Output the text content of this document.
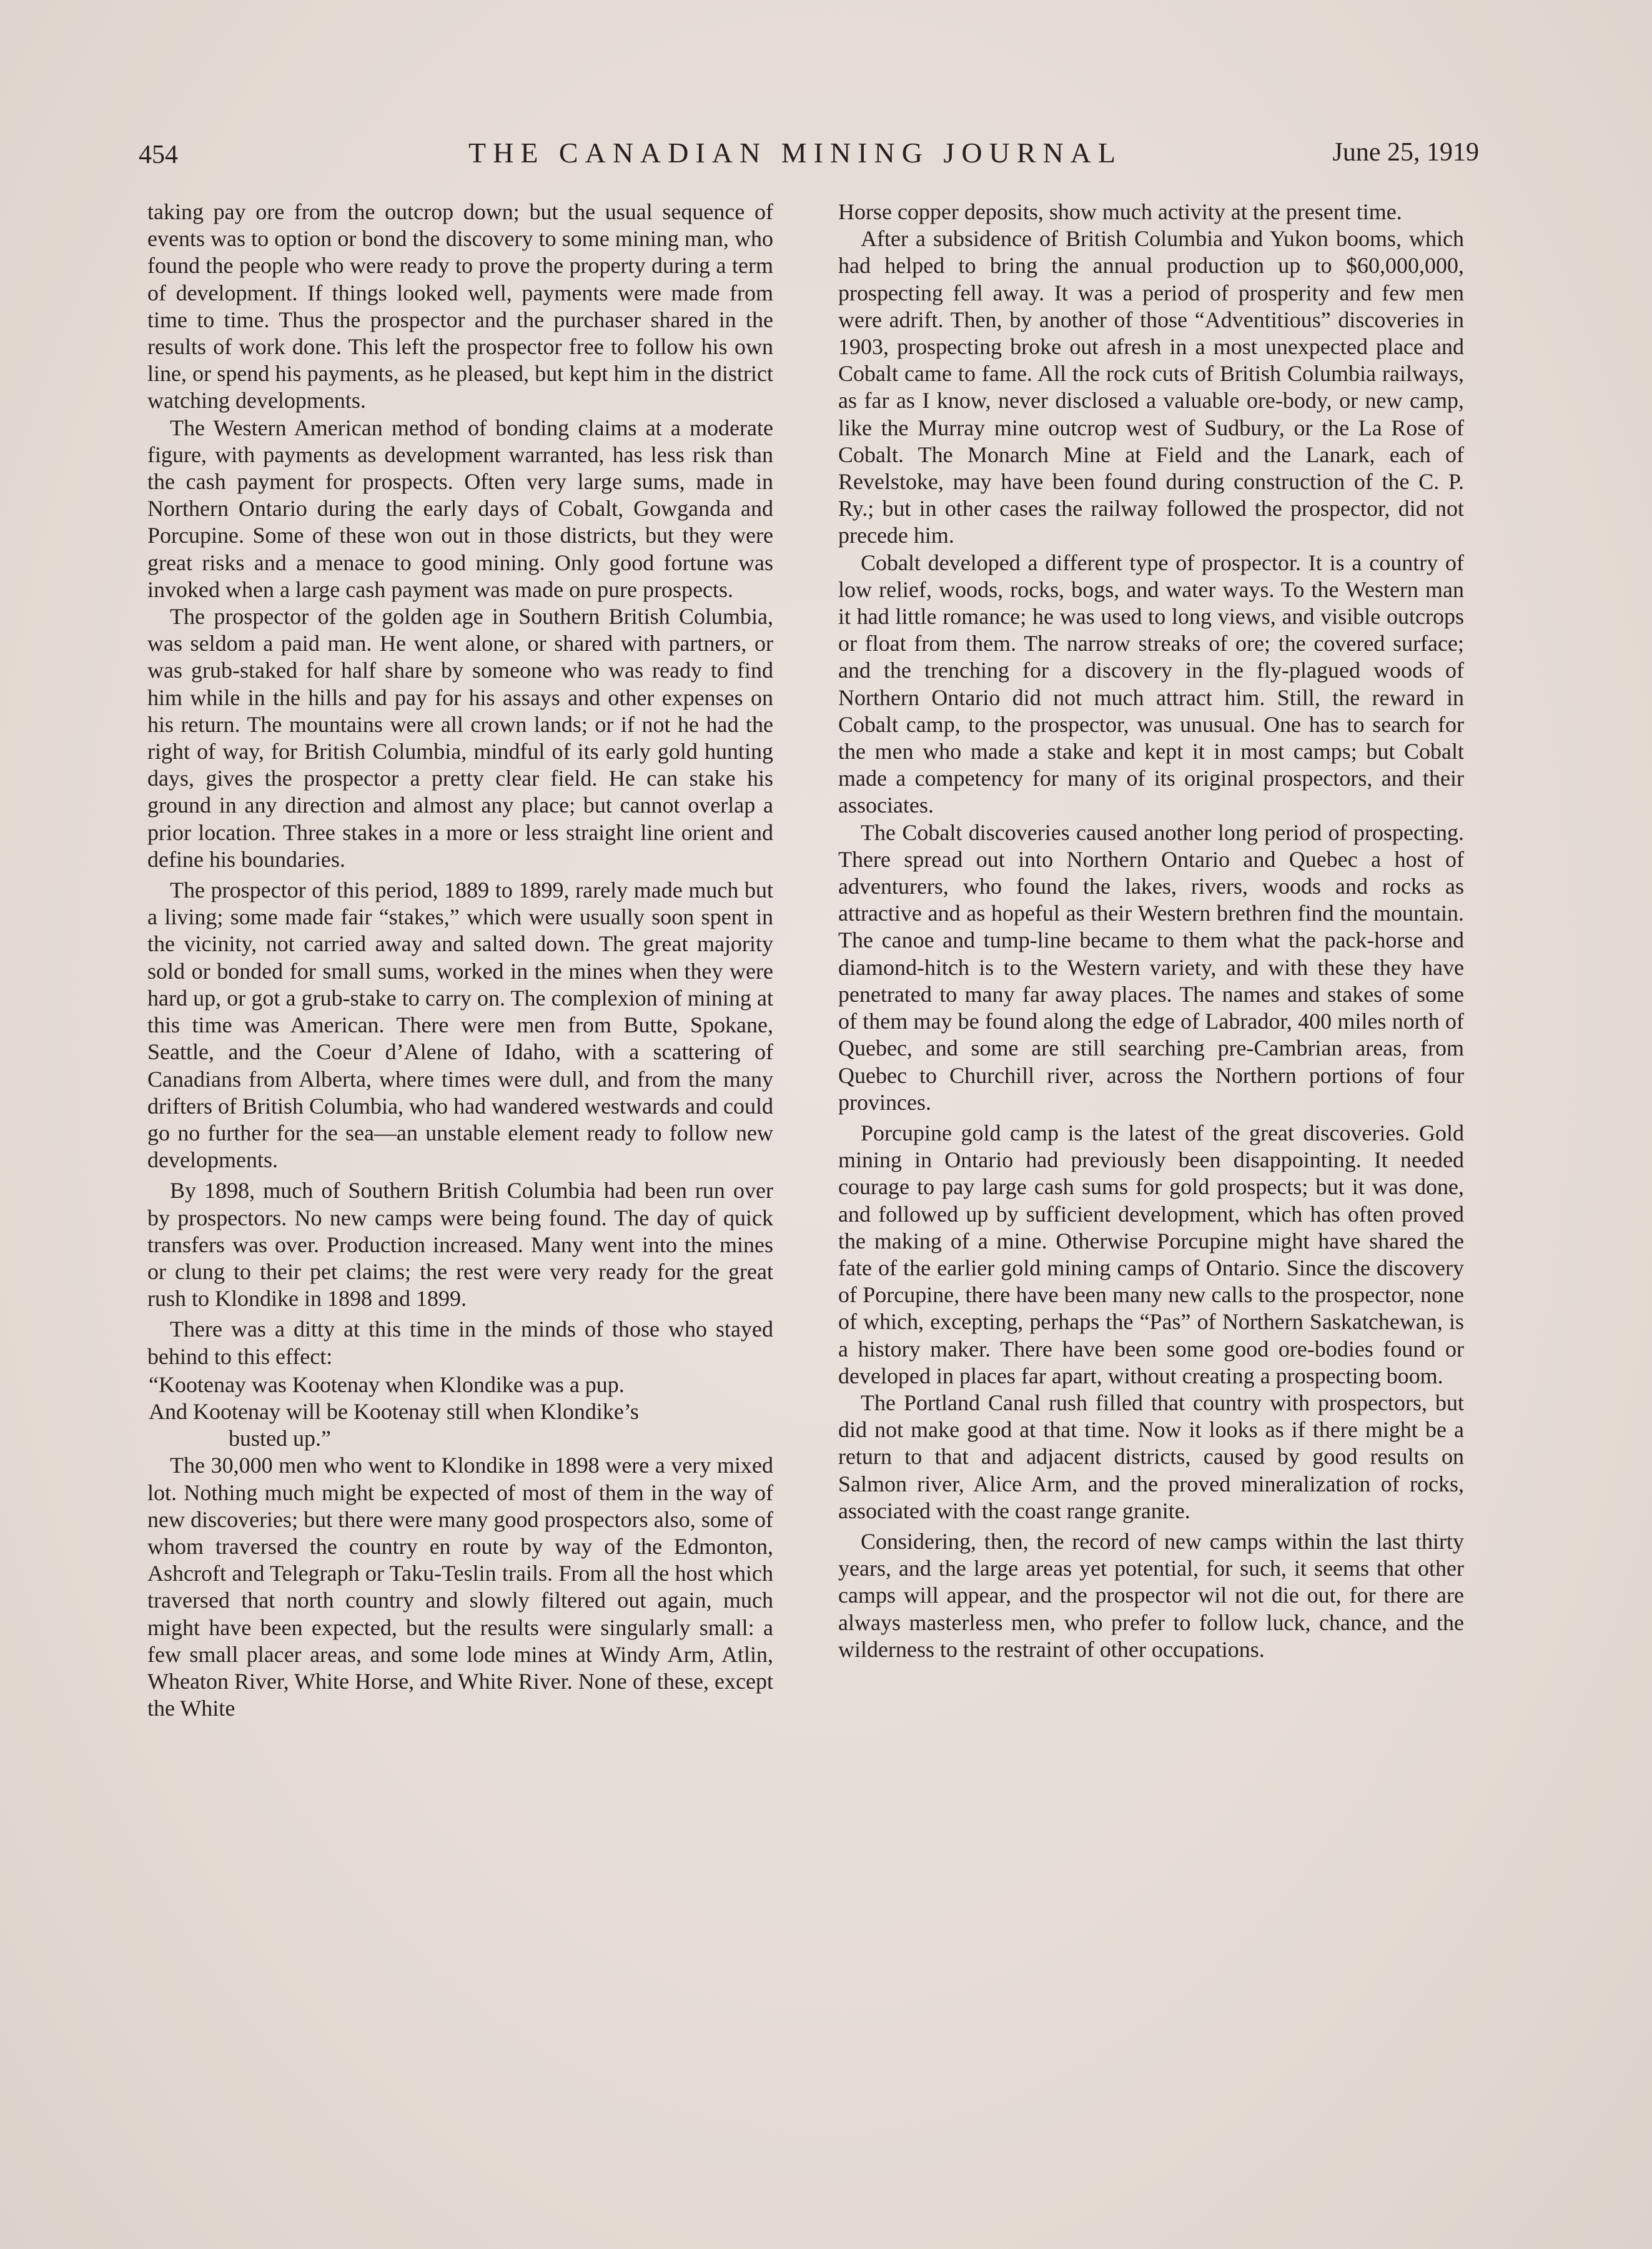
454	THE CANADIAN MINING JOURNAL	June 25, 1919

taking pay ore from the outcrop down; but the usual sequence of events was to option or bond the discovery to some mining man, who found the people who were ready to prove the property during a term of development. If things looked well, payments were made from time to time. Thus the prospector and the purchaser shared in the results of work done. This left the prospector free to follow his own line, or spend his payments, as he pleased, but kept him in the district watching developments.

The Western American method of bonding claims at a moderate figure, with payments as development warranted, has less risk than the cash payment for prospects. Often very large sums, made in Northern Ontario during the early days of Cobalt, Gowganda and Porcupine. Some of these won out in those districts, but they were great risks and a menace to good mining. Only good fortune was invoked when a large cash payment was made on pure prospects.

The prospector of the golden age in Southern British Columbia, was seldom a paid man. He went alone, or shared with partners, or was grub-staked for half share by someone who was ready to find him while in the hills and pay for his assays and other expenses on his return. The mountains were all crown lands; or if not he had the right of way, for British Columbia, mindful of its early gold hunting days, gives the prospector a pretty clear field. He can stake his ground in any direction and almost any place; but cannot overlap a prior location. Three stakes in a more or less straight line orient and define his boundaries.

The prospector of this period, 1889 to 1899, rarely made much but a living; some made fair “stakes,” which were usually soon spent in the vicinity, not carried away and salted down. The great majority sold or bonded for small sums, worked in the mines when they were hard up, or got a grub-stake to carry on. The complexion of mining at this time was American. There were men from Butte, Spokane, Seattle, and the Coeur d’Alene of Idaho, with a scattering of Canadians from Alberta, where times were dull, and from the many drifters of British Columbia, who had wandered westwards and could go no further for the sea—an unstable element ready to follow new developments.

By 1898, much of Southern British Columbia had been run over by prospectors. No new camps were being found. The day of quick transfers was over. Production increased. Many went into the mines or clung to their pet claims; the rest were very ready for the great rush to Klondike in 1898 and 1899.

There was a ditty at this time in the minds of those who stayed behind to this effect:

“Kootenay was Kootenay when Klondike was a pup.
And Kootenay will be Kootenay still when Klondike’s
busted up.”

The 30,000 men who went to Klondike in 1898 were a very mixed lot. Nothing much might be expected of most of them in the way of new discoveries; but there were many good prospectors also, some of whom traversed the country en route by way of the Edmonton, Ashcroft and Telegraph or Taku-Teslin trails. From all the host which traversed that north country and slowly filtered out again, much might have been expected, but the results were singularly small: a few small placer areas, and some lode mines at Windy Arm, Atlin, Wheaton River, White Horse, and White River. None of these, except the White

Horse copper deposits, show much activity at the present time.

After a subsidence of British Columbia and Yukon booms, which had helped to bring the annual production up to $60,000,000, prospecting fell away. It was a period of prosperity and few men were adrift. Then, by another of those “Adventitious” discoveries in 1903, prospecting broke out afresh in a most unexpected place and Cobalt came to fame. All the rock cuts of British Columbia railways, as far as I know, never disclosed a valuable ore-body, or new camp, like the Murray mine outcrop west of Sudbury, or the La Rose of Cobalt. The Monarch Mine at Field and the Lanark, each of Revelstoke, may have been found during construction of the C. P. Ry.; but in other cases the railway followed the prospector, did not precede him.

Cobalt developed a different type of prospector. It is a country of low relief, woods, rocks, bogs, and water ways. To the Western man it had little romance; he was used to long views, and visible outcrops or float from them. The narrow streaks of ore; the covered surface; and the trenching for a discovery in the fly-plagued woods of Northern Ontario did not much attract him. Still, the reward in Cobalt camp, to the prospector, was unusual. One has to search for the men who made a stake and kept it in most camps; but Cobalt made a competency for many of its original prospectors, and their associates.

The Cobalt discoveries caused another long period of prospecting. There spread out into Northern Ontario and Quebec a host of adventurers, who found the lakes, rivers, woods and rocks as attractive and as hopeful as their Western brethren find the mountain. The canoe and tump-line became to them what the pack-horse and diamond-hitch is to the Western variety, and with these they have penetrated to many far away places. The names and stakes of some of them may be found along the edge of Labrador, 400 miles north of Quebec, and some are still searching pre-Cambrian areas, from Quebec to Churchill river, across the Northern portions of four provinces.

Porcupine gold camp is the latest of the great discoveries. Gold mining in Ontario had previously been disappointing. It needed courage to pay large cash sums for gold prospects; but it was done, and followed up by sufficient development, which has often proved the making of a mine. Otherwise Porcupine might have shared the fate of the earlier gold mining camps of Ontario. Since the discovery of Porcupine, there have been many new calls to the prospector, none of which, excepting, perhaps the “Pas” of Northern Saskatchewan, is a history maker. There have been some good ore-bodies found or developed in places far apart, without creating a prospecting boom.

The Portland Canal rush filled that country with prospectors, but did not make good at that time. Now it looks as if there might be a return to that and adjacent districts, caused by good results on Salmon river, Alice Arm, and the proved mineralization of rocks, associated with the coast range granite.

Considering, then, the record of new camps within the last thirty years, and the large areas yet potential, for such, it seems that other camps will appear, and the prospector wil not die out, for there are always masterless men, who prefer to follow luck, chance, and the wilderness to the restraint of other occupations.
